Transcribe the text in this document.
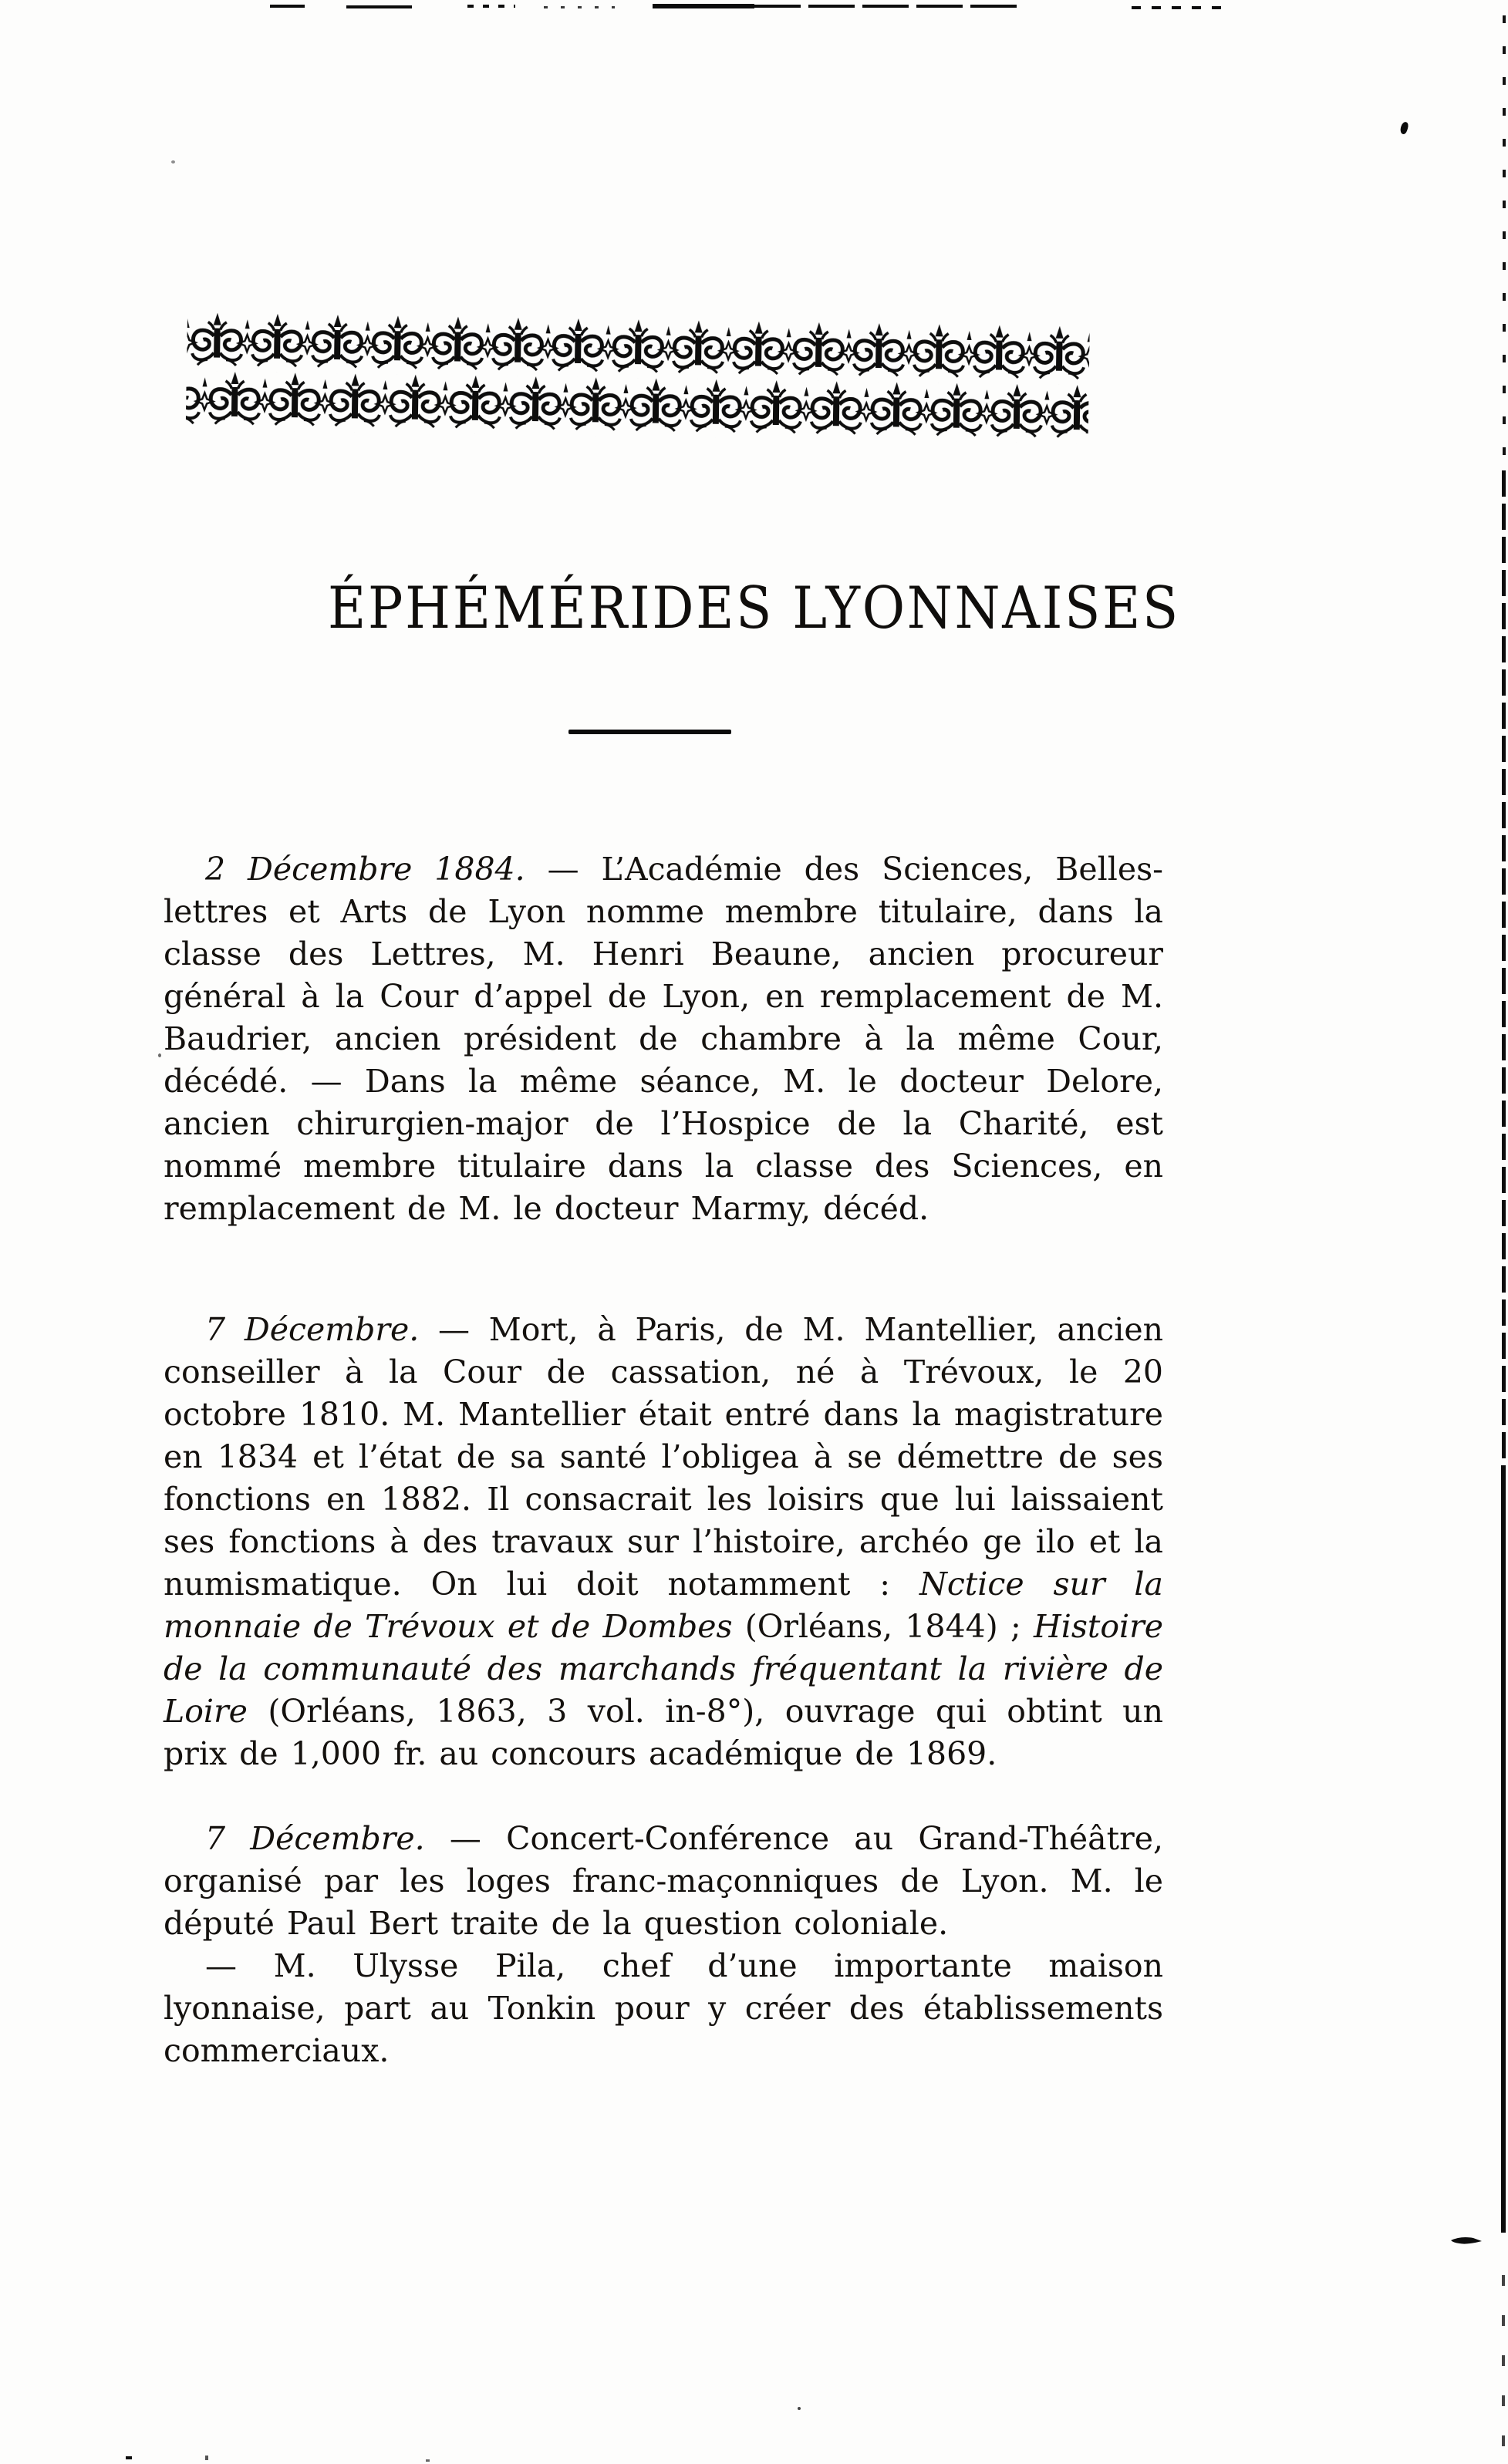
ÉPHÉMÉRIDES LYONNAISES

2 Décembre 1884. — L’Académie des Sciences, Belles-lettres et Arts de Lyon nomme membre titulaire, dans la classe des Lettres, M. Henri Beaune, ancien procureur général à la Cour d’appel de Lyon, en remplacement de M. Baudrier, ancien président de chambre à la même Cour, décédé. — Dans la même séance, M. le docteur Delore, ancien chirurgien-major de l’Hospice de la Charité, est nommé membre titulaire dans la classe des Sciences, en remplacement de M. le docteur Marmy, décéd.

7 Décembre. — Mort, à Paris, de M. Mantellier, ancien conseiller à la Cour de cassation, né à Trévoux, le 20 octobre 1810. M. Mantellier était entré dans la magistrature en 1834 et l’état de sa santé l’obligea à se démettre de ses fonctions en 1882. Il consacrait les loisirs que lui laissaient ses fonctions à des travaux sur l’histoire, archéo ge ilo et la numismatique. On lui doit notamment : Nctice sur la monnaie de Trévoux et de Dombes (Orléans, 1844) ; Histoire de la communauté des marchands fréquentant la rivière de Loire (Orléans, 1863, 3 vol. in-8°), ouvrage qui obtint un prix de 1,000 fr. au concours académique de 1869.

7 Décembre. — Concert-Conférence au Grand-Théâtre, organisé par les loges franc-maçonniques de Lyon. M. le député Paul Bert traite de la question coloniale.

— M. Ulysse Pila, chef d’une importante maison lyonnaise, part au Tonkin pour y créer des établissements commerciaux.
